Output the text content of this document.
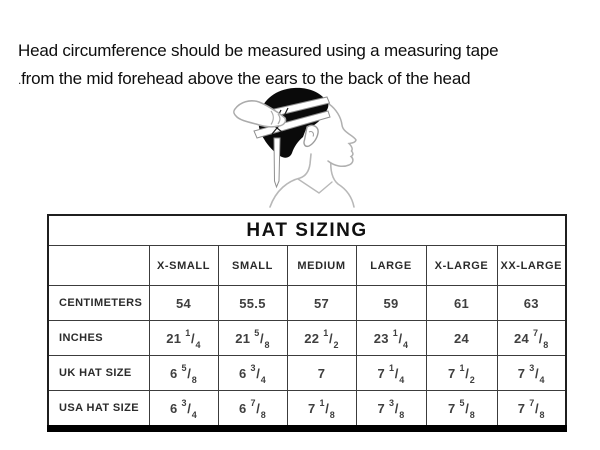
Head circumference should be measured using a measuring tape
.from the mid forehead above the ears to the back of the head

HAT SIZING						
	X-SMALL	SMALL	MEDIUM	LARGE	X-LARGE	XX-LARGE
CENTIMETERS	54	55.5	57	59	61	63
INCHES	21 $^1/_4$	21 $^5/_8$	22 $^1/_2$	23 $^1/_4$	24	24 $^7/_8$
UK HAT SIZE	6 $^5/_8$	6 $^3/_4$	7	7 $^1/_4$	7 $^1/_2$	7 $^3/_4$
USA HAT SIZE	6 $^3/_4$	6 $^7/_8$	7 $^1/_8$	7 $^3/_8$	7 $^5/_8$	7 $^7/_8$
